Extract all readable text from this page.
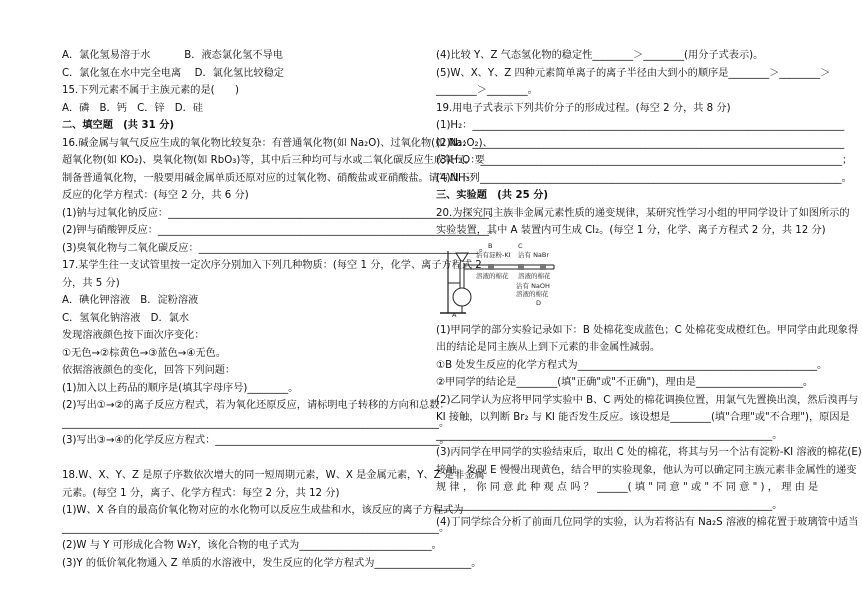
A．氯化氢易溶于水　　　 B．液态氯化氢不导电
C．氯化氢在水中完全电离　 D．氯化氢比较稳定
15.下列元素不属于主族元素的是(　　)
A．磷　B．钙　C．锌　D．硅
二、填空题　(共 31 分)
16.碱金属与氧气反应生成的氧化物比较复杂：有普通氧化物(如 Na₂O)、过氧化物(如 Na₂O₂)、
超氧化物(如 KO₂)、臭氧化物(如 RbO₃)等，其中后三种均可与水或二氧化碳反应生成氧气。要
制备普通氧化物，一般要用碱金属单质还原对应的过氧化物、硝酸盐或亚硝酸盐。请写出下列
反应的化学方程式：(每空 2 分，共 6 分)
(1)钠与过氧化钠反应：_______________________________________________________________。
(2)钾与硝酸钾反应：_________________________________________________________________。
(3)臭氧化物与二氧化碳反应：_______________________________________________________。
17.某学生往一支试管里按一定次序分别加入下列几种物质：(每空 1 分，化学、离子方程式 2
分，共 5 分)
A．碘化钾溶液　B．淀粉溶液
C．氢氧化钠溶液　D．氯水
发现溶液颜色按下面次序变化：
①无色→②棕黄色→③蓝色→④无色。
依据溶液颜色的变化，回答下列问题：
(1)加入以上药品的顺序是(填其字母序号)________。
(2)写出①→②的离子反应方程式，若为氧化还原反应，请标明电子转移的方向和总数：
__________________________________________________________________________。
(3)写出③→④的化学反应方程式：____________________________________________。
18.W、X、Y、Z 是原子序数依次增大的同一短周期元素，W、X 是金属元素，Y、Z 是非金属
元素。(每空 1 分，离子、化学方程式：每空 2 分，共 12 分)
(1)W、X 各自的最高价氧化物对应的水化物可以反应生成盐和水，该反应的离子方程式为
__________________________________________________________________________。
(2)W 与 Y 可形成化合物 W₂Y，该化合物的电子式为__________________________。
(3)Y 的低价氧化物通入 Z 单质的水溶液中，发生反应的化学方程式为___________________。
(4)比较 Y、Z 气态氢化物的稳定性________＞________(用分子式表示)。
(5)W、X、Y、Z 四种元素简单离子的离子半径由大到小的顺序是________＞________＞
________＞________。
19.用电子式表示下列共价分子的形成过程。(每空 2 分，共 8 分)
(1)H₂：_________________________________________________________________________
(2)N₂：_________________________________________________________________________
(3)H₂O：_______________________________________________________________________；
(4)NH₃：_______________________________________________________________________。
三、实验题　(共 25 分)
20.为探究同主族非金属元素性质的递变规律，某研究性学习小组的甲同学设计了如图所示的
实验装置，其中 A 装置内可生成 Cl₂。(每空 1 分，化学、离子方程式 2 分，共 12 分)
B
沾有淀粉-KI
溶液的棉花
C
沾有 NaBr
溶液的棉花
沾有 NaOH
溶液的棉花
D
A
(1)甲同学的部分实验记录如下：B 处棉花变成蓝色；C 处棉花变成橙红色。甲同学由此现象得
出的结论是同主族从上到下元素的非金属性减弱。
①B 处发生反应的化学方程式为_______________________________________________。
②甲同学的结论是________(填"正确"或"不正确")，理由是_____________________。
(2)乙同学认为应将甲同学实验中 B、C 两处的棉花调换位置，用氯气先置换出溴，然后溴再与
KI 接触，以判断 Br₂ 与 KI 能否发生反应。该设想是________(填"合理"或"不合理")，原因是
__________________________________________________________________。
(3)丙同学在甲同学的实验结束后，取出 C 处的棉花，将其与另一个沾有淀粉-KI 溶液的棉花(E)
接触，发现 E 慢慢出现黄色，结合甲的实验现象，他认为可以确定同主族元素非金属性的递变
规 律 ， 你 同 意 此 种 观 点 吗 ？ ______( 填 " 同 意 " 或 " 不 同 意 " ) ， 理 由 是
__________________________________________________________________。
(4)丁同学综合分析了前面几位同学的实验，认为若将沾有 Na₂S 溶液的棉花置于玻璃管中适当
